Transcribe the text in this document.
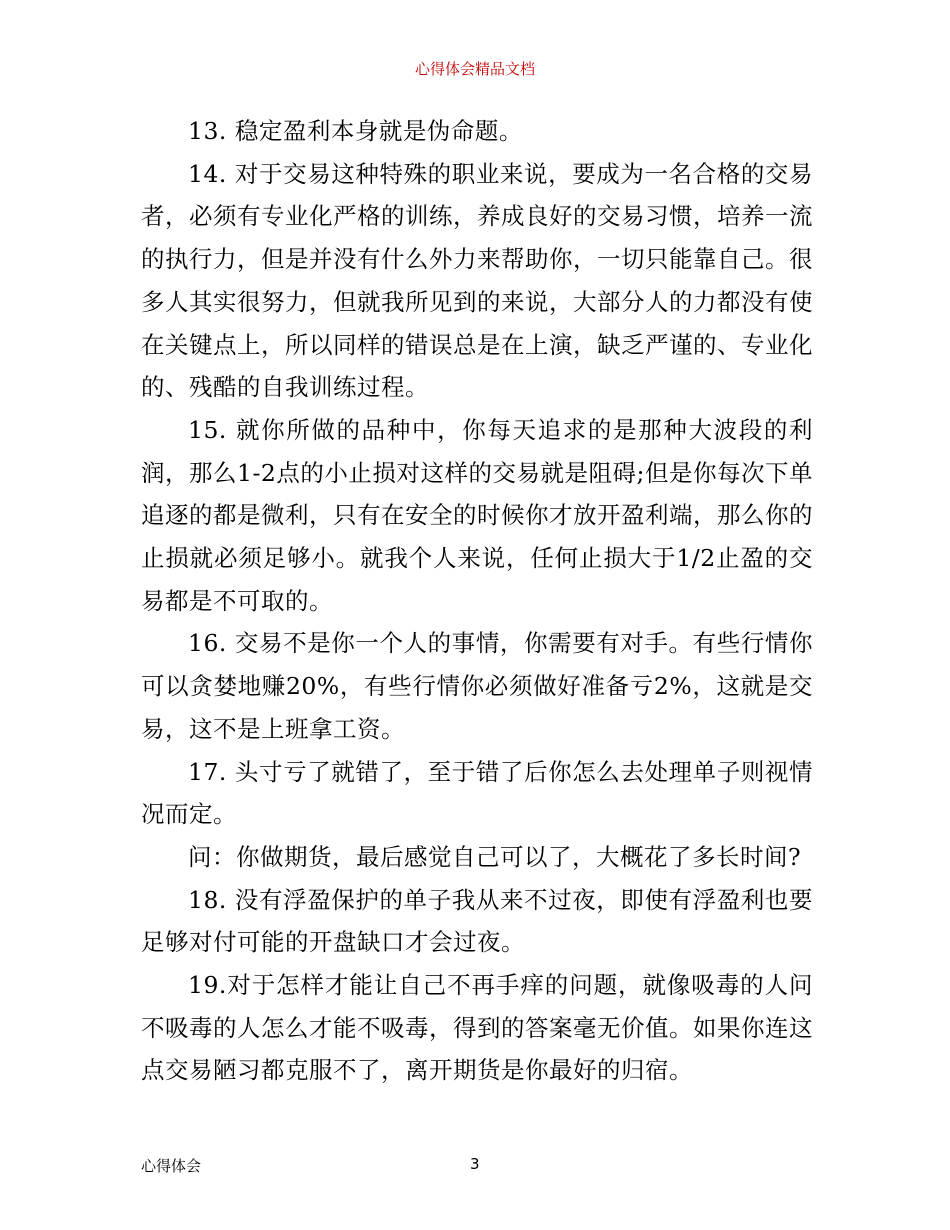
心得体会精品文档

13. 稳定盈利本身就是伪命题。

14. 对于交易这种特殊的职业来说，要成为一名合格的交易者，必须有专业化严格的训练，养成良好的交易习惯，培养一流的执行力，但是并没有什么外力来帮助你，一切只能靠自己。很多人其实很努力，但就我所见到的来说，大部分人的力都没有使在关键点上，所以同样的错误总是在上演，缺乏严谨的、专业化的、残酷的自我训练过程。

15. 就你所做的品种中，你每天追求的是那种大波段的利润，那么1-2点的小止损对这样的交易就是阻碍;但是你每次下单追逐的都是微利，只有在安全的时候你才放开盈利端，那么你的止损就必须足够小。就我个人来说，任何止损大于1/2止盈的交易都是不可取的。

16. 交易不是你一个人的事情，你需要有对手。有些行情你可以贪婪地赚20%，有些行情你必须做好准备亏2%，这就是交易，这不是上班拿工资。

17. 头寸亏了就错了，至于错了后你怎么去处理单子则视情况而定。

问：你做期货，最后感觉自己可以了，大概花了多长时间?

18. 没有浮盈保护的单子我从来不过夜，即使有浮盈利也要足够对付可能的开盘缺口才会过夜。

19.对于怎样才能让自己不再手痒的问题，就像吸毒的人问不吸毒的人怎么才能不吸毒，得到的答案毫无价值。如果你连这点交易陋习都克服不了，离开期货是你最好的归宿。

心得体会	3
